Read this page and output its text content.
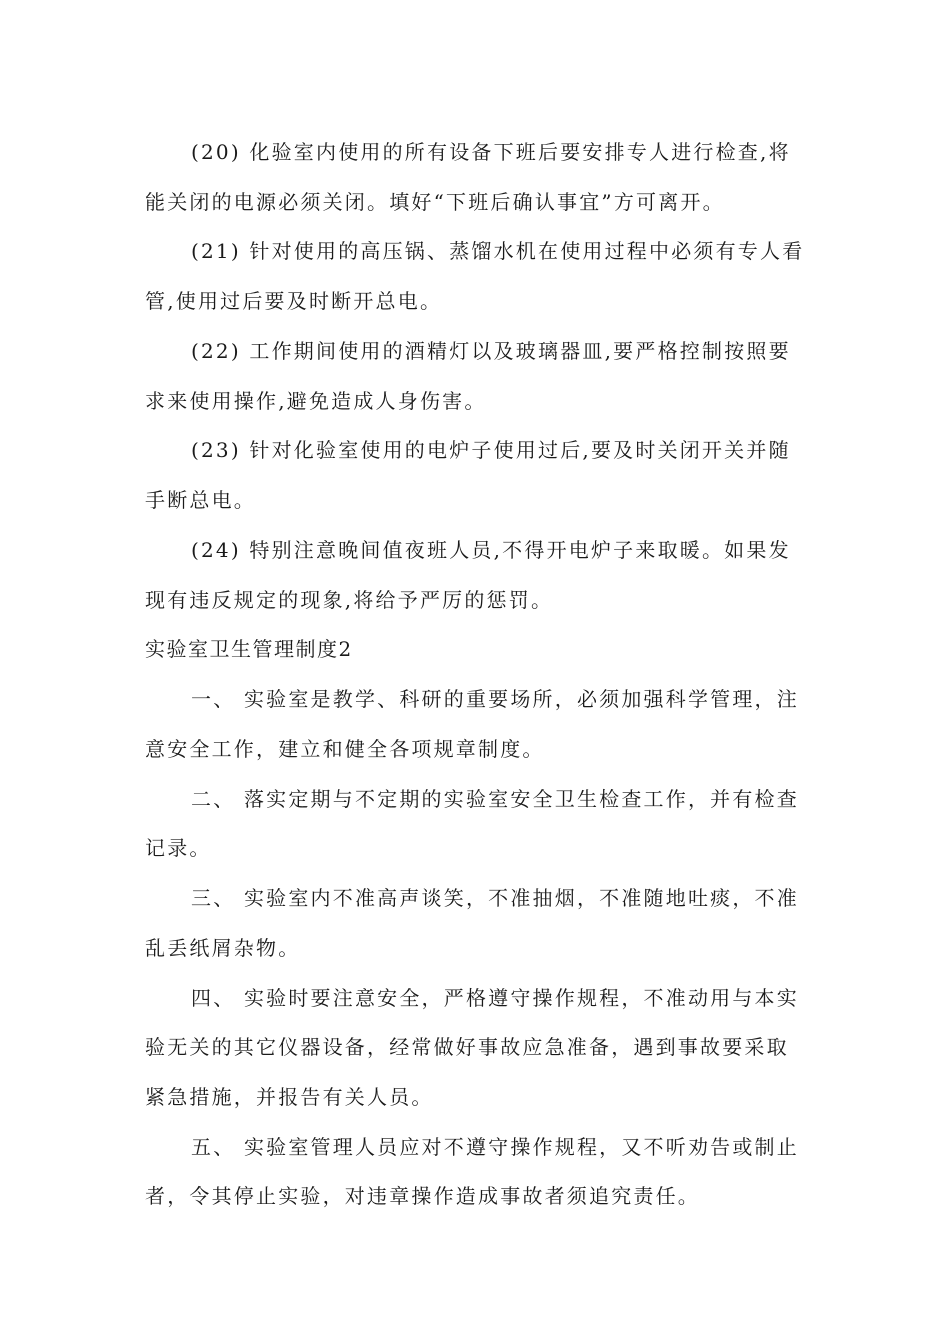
(20) 化验室内使用的所有设备下班后要安排专人进行检查,将
能关闭的电源必须关闭。填好“下班后确认事宜”方可离开。
(21) 针对使用的高压锅、蒸馏水机在使用过程中必须有专人看
管,使用过后要及时断开总电。
(22) 工作期间使用的酒精灯以及玻璃器皿,要严格控制按照要
求来使用操作,避免造成人身伤害。
(23) 针对化验室使用的电炉子使用过后,要及时关闭开关并随
手断总电。
(24) 特别注意晚间值夜班人员,不得开电炉子来取暖。如果发
现有违反规定的现象,将给予严厉的惩罚。
实验室卫生管理制度2
一、 实验室是教学、科研的重要场所，必须加强科学管理，注
意安全工作，建立和健全各项规章制度。
二、 落实定期与不定期的实验室安全卫生检查工作，并有检查
记录。
三、 实验室内不准高声谈笑，不准抽烟，不准随地吐痰，不准
乱丢纸屑杂物。
四、 实验时要注意安全，严格遵守操作规程，不准动用与本实
验无关的其它仪器设备，经常做好事故应急准备，遇到事故要采取
紧急措施，并报告有关人员。
五、 实验室管理人员应对不遵守操作规程，又不听劝告或制止
者，令其停止实验，对违章操作造成事故者须追究责任。
